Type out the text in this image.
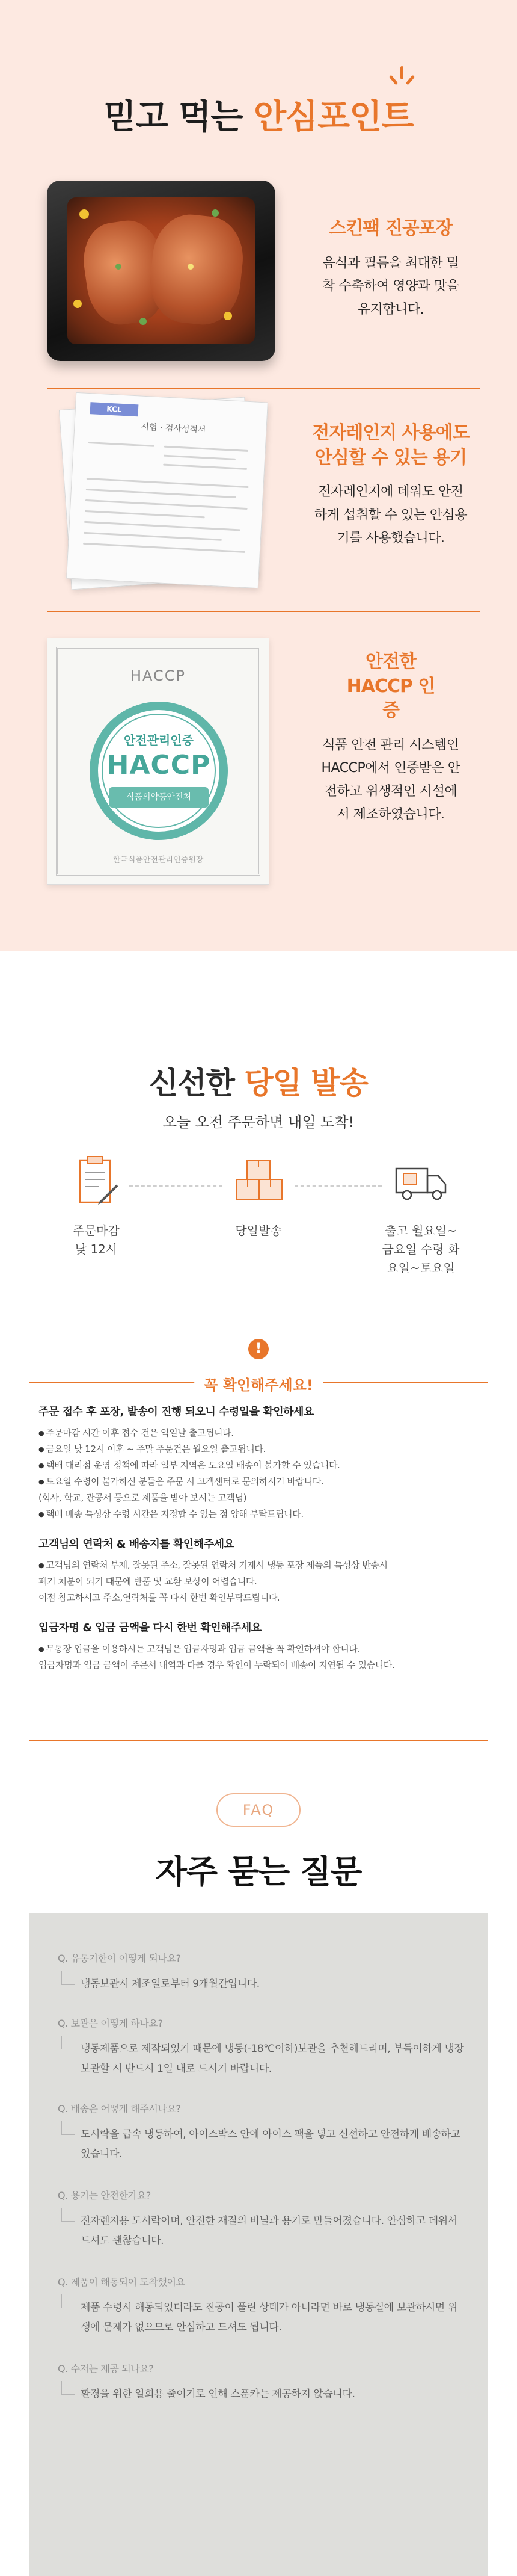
믿고 먹는 안심포인트
스킨팩 진공포장
음식과 필름을 최대한 밀착 수축하여 영양과 맛을 유지합니다.
KCL
시험 · 검사성적서	전자레인지 사용에도 안심할 수 있는 용기
전자레인지에 데워도 안전하게 섭취할 수 있는 안심용기를 사용했습니다.
HACCP
안전관리인증
HACCP
식품의약품안전처
한국식품안전관리인증원장
안전한 HACCP 인증
식품 안전 관리 시스템인 HACCP에서 인증받은 안전하고 위생적인 시설에서 제조하였습니다.
신선한 당일 발송
오늘 오전 주문하면 내일 도착!
주문마감 낮 12시
당일발송	출고 월요일~금요일 수령 화요일~토요일
!
꼭 확인해주세요!
주문 접수 후 포장, 발송이 진행 되오니 수령일을 확인하세요

● 주문마감 시간 이후 접수 건은 익일날 출고됩니다.

● 금요일 낮 12시 이후 ~ 주말 주문건은 월요일 출고됩니다.

● 택배 대리점 운영 정책에 따라 일부 지역은 도요일 배송이 불가할 수 있습니다.

● 토요일 수령이 불가하신 분들은 주문 시 고객센터로 문의하시기 바랍니다.

(회사, 학교, 관공서 등으로 제품을 받아 보시는 고객님)

● 택배 배송 특성상 수령 시간은 지정할 수 없는 점 양해 부탁드립니다.

고객님의 연락처 & 배송지를 확인해주세요

● 고객님의 연락처 부재, 잘못된 주소, 잘못된 연락처 기재시 냉동 포장 제품의 특성상 반송시

폐기 처분이 되기 때문에 반품 및 교환 보상이 어렵습니다.

이점 참고하시고 주소,연락처를 꼭 다시 한번 확인부탁드립니다.

입금자명 & 입금 금액을 다시 한번 확인해주세요

● 무통장 입금을 이용하시는 고객님은 입금자명과 입금 금액을 꼭 확인하셔야 합니다.

입금자명과 입금 금액이 주문서 내역과 다를 경우 확인이 누락되어 배송이 지연될 수 있습니다.

FAQ
자주 묻는 질문
Q. 유통기한이 어떻게 되나요?
냉동보관시 제조일로부터 9개월간입니다.
Q. 보관은 어떻게 하나요?
냉동제품으로 제작되었기 때문에 냉동(-18℃이하)보관을 추천해드리며, 부득이하게 냉장 보관할 시 반드시 1일 내로 드시기 바랍니다.
Q. 배송은 어떻게 해주시나요?
도시락을 급속 냉동하여, 아이스박스 안에 아이스 팩을 넣고 신선하고 안전하게 배송하고 있습니다.
Q. 용기는 안전한가요?
전자렌지용 도시락이며, 안전한 재질의 비닐과 용기로 만들어졌습니다. 안심하고 데워서 드셔도 괜찮습니다.
Q. 제품이 해동되어 도착했어요
제품 수령시 해동되었더라도 진공이 풀린 상태가 아니라면 바로 냉동실에 보관하시면 위생에 문제가 없으므로 안심하고 드셔도 됩니다.
Q. 수저는 제공 되나요?
환경을 위한 일회용 줄이기로 인해 스푼카는 제공하지 않습니다.
